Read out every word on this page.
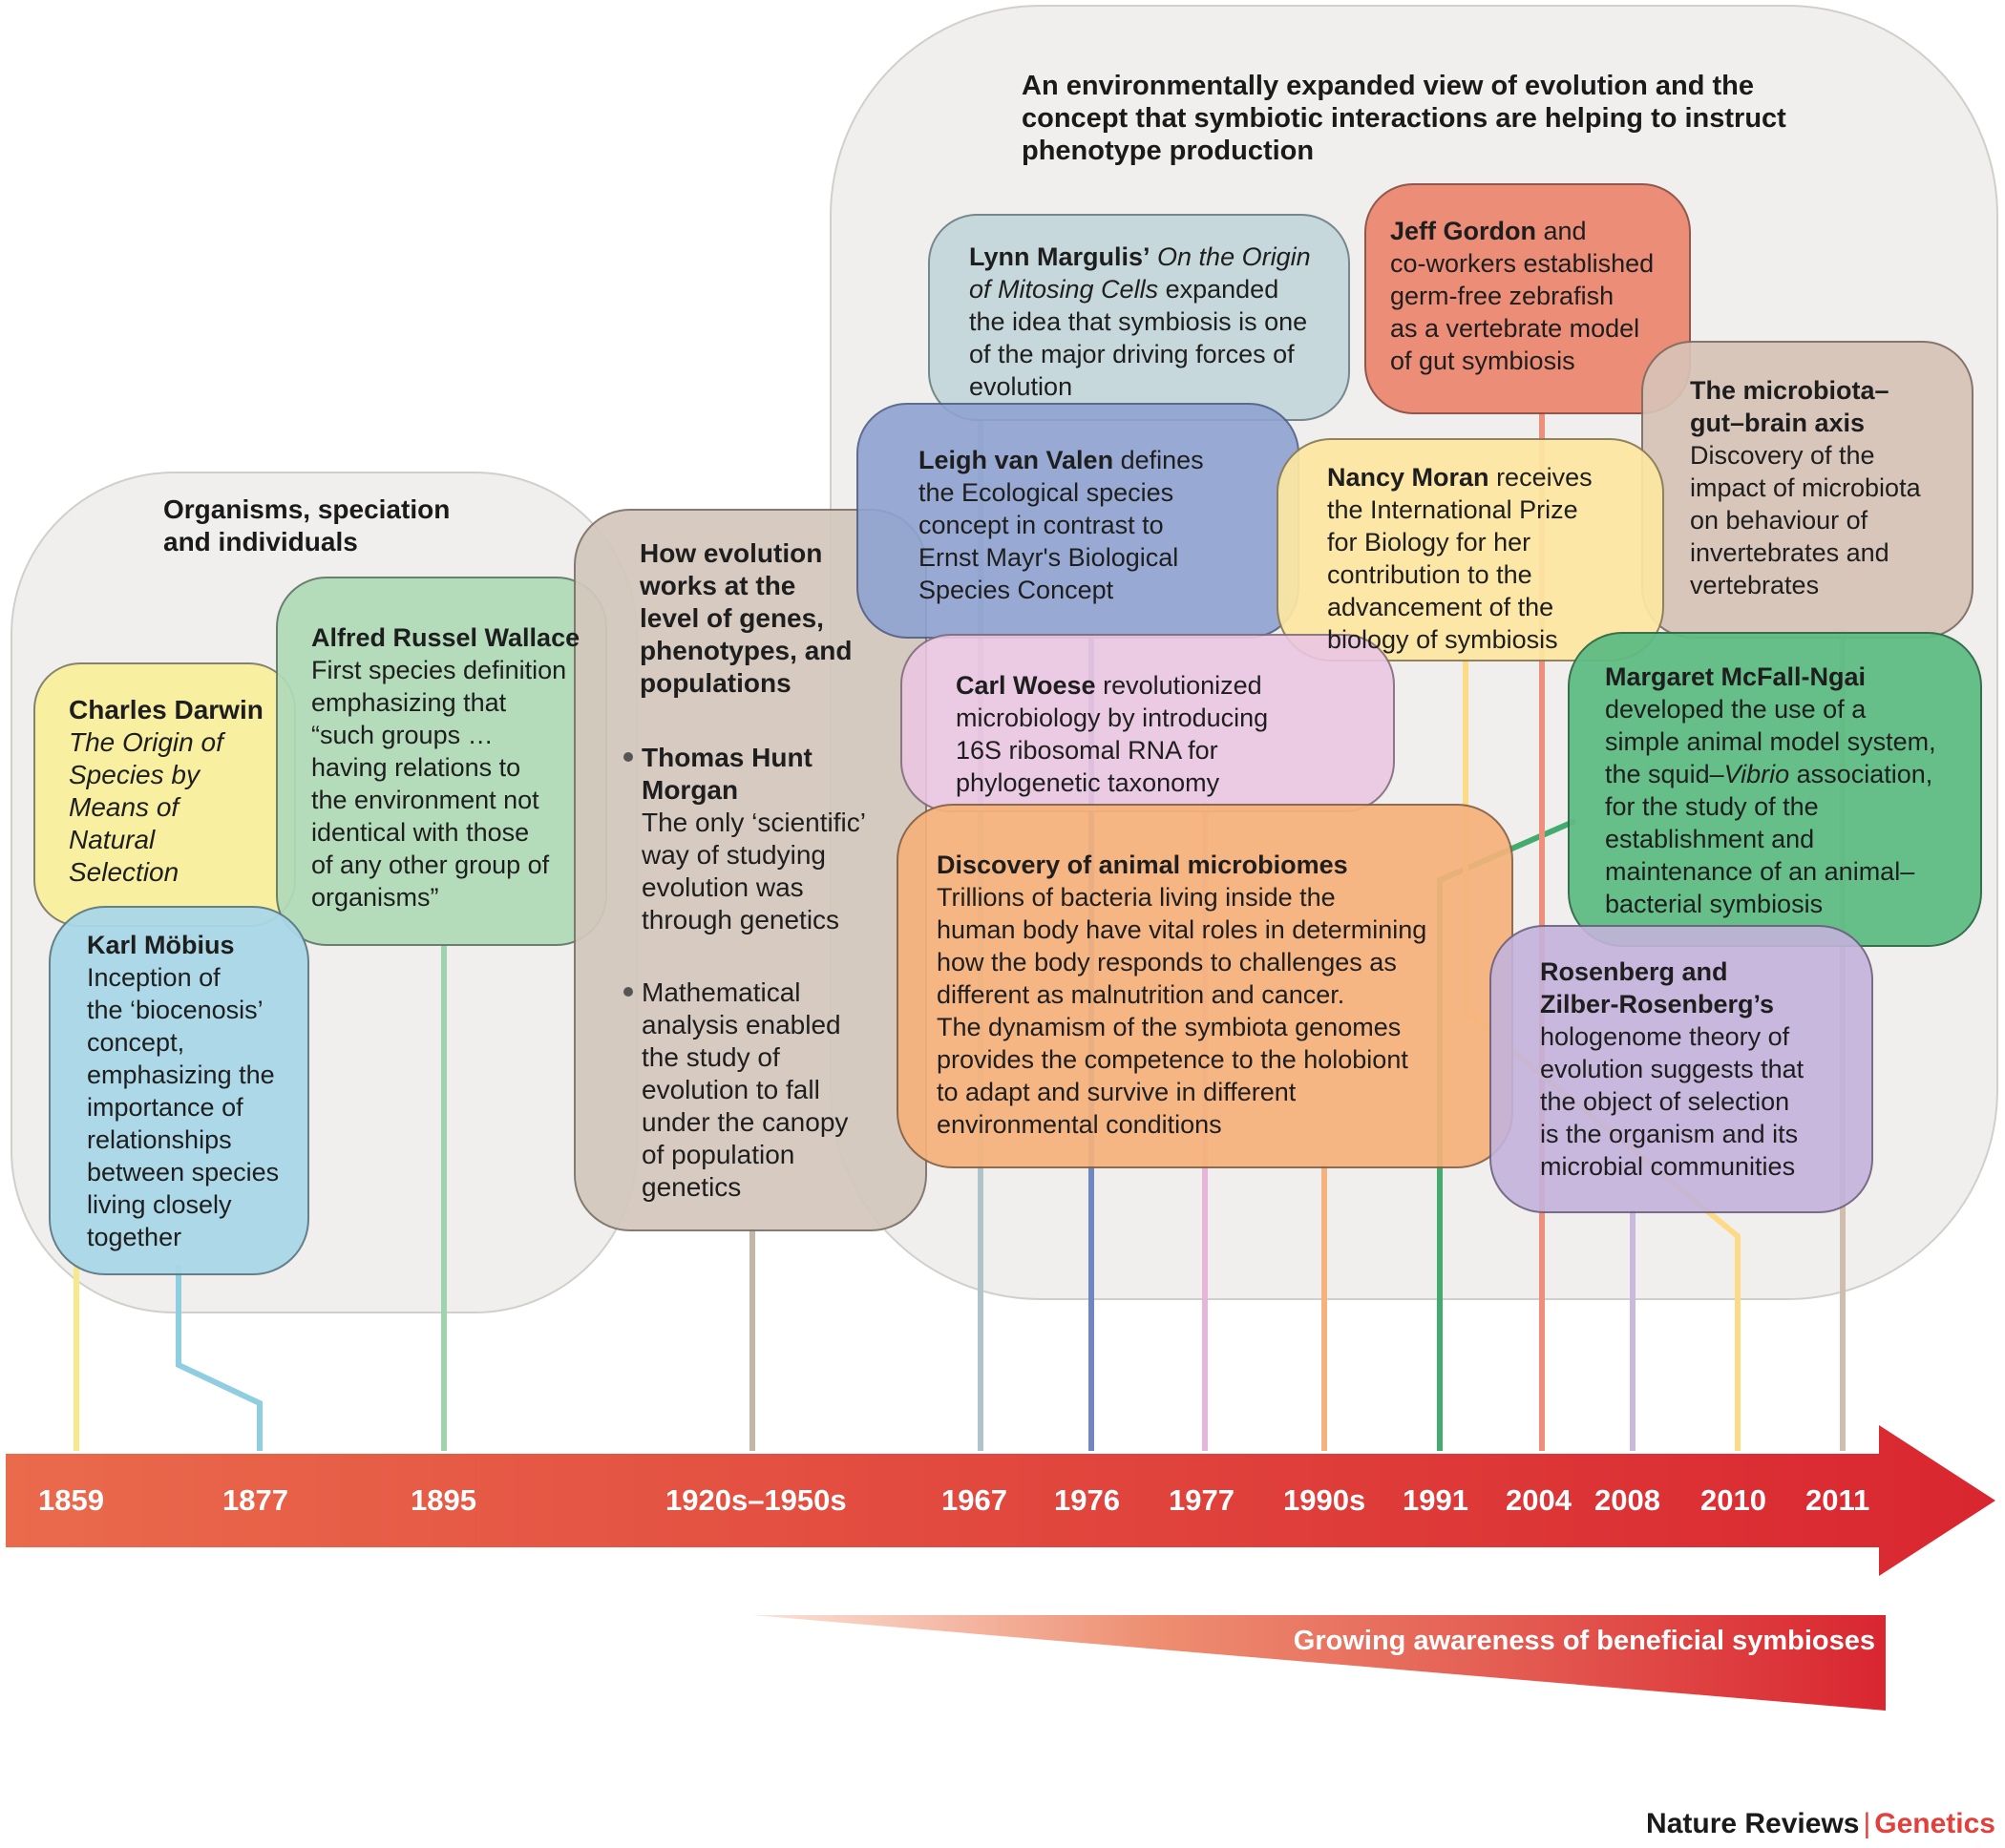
Organisms, speciation
and individuals
An environmentally expanded view of evolution and the
concept that symbiotic interactions are helping to instruct
phenotype production
Charles Darwin
The Origin of
Species by
Means of
Natural
Selection
Alfred Russel Wallace
First species definition
emphasizing that
“such groups …
having relations to
the environment not
identical with those
of any other group of
organisms”
Karl Möbius
Inception of
the ‘biocenosis’
concept,
emphasizing the
importance of
relationships
between species
living closely
together
How evolution
works at the
level of genes,
phenotypes, and
populations
Thomas Hunt
Morgan
The only ‘scientific’
way of studying
evolution was
through genetics
Mathematical
analysis enabled
the study of
evolution to fall
under the canopy
of population
genetics
Lynn Margulis’ On the Origin
of Mitosing Cells expanded
the idea that symbiosis is one
of the major driving forces of
evolution
Jeff Gordon and
co-workers established
germ-free zebrafish
as a vertebrate model
of gut symbiosis
The microbiota–
gut–brain axis
Discovery of the
impact of microbiota
on behaviour of
invertebrates and
vertebrates
Leigh van Valen defines
the Ecological species
concept in contrast to
Ernst Mayr's Biological
Species Concept
Nancy Moran receives
the International Prize
for Biology for her
contribution to the
advancement of the
biology of symbiosis
Carl Woese revolutionized
microbiology by introducing
16S ribosomal RNA for
phylogenetic taxonomy
Margaret McFall-Ngai
developed the use of a
simple animal model system,
the squid–Vibrio association,
for the study of the
establishment and
maintenance of an animal–
bacterial symbiosis
Discovery of animal microbiomes
Trillions of bacteria living inside the
human body have vital roles in determining
how the body responds to challenges as
different as malnutrition and cancer.
The dynamism of the symbiota genomes
provides the competence to the holobiont
to adapt and survive in different
environmental conditions
Rosenberg and
Zilber-Rosenberg’s
hologenome theory of
evolution suggests that
the object of selection
is the organism and its
microbial communities
1859	1877	1895	1920s–1950s	1967 1976 1977 1990s 1991 2004 2008 2010 2011
Growing awareness of beneficial symbioses
Nature Reviews | Genetics
